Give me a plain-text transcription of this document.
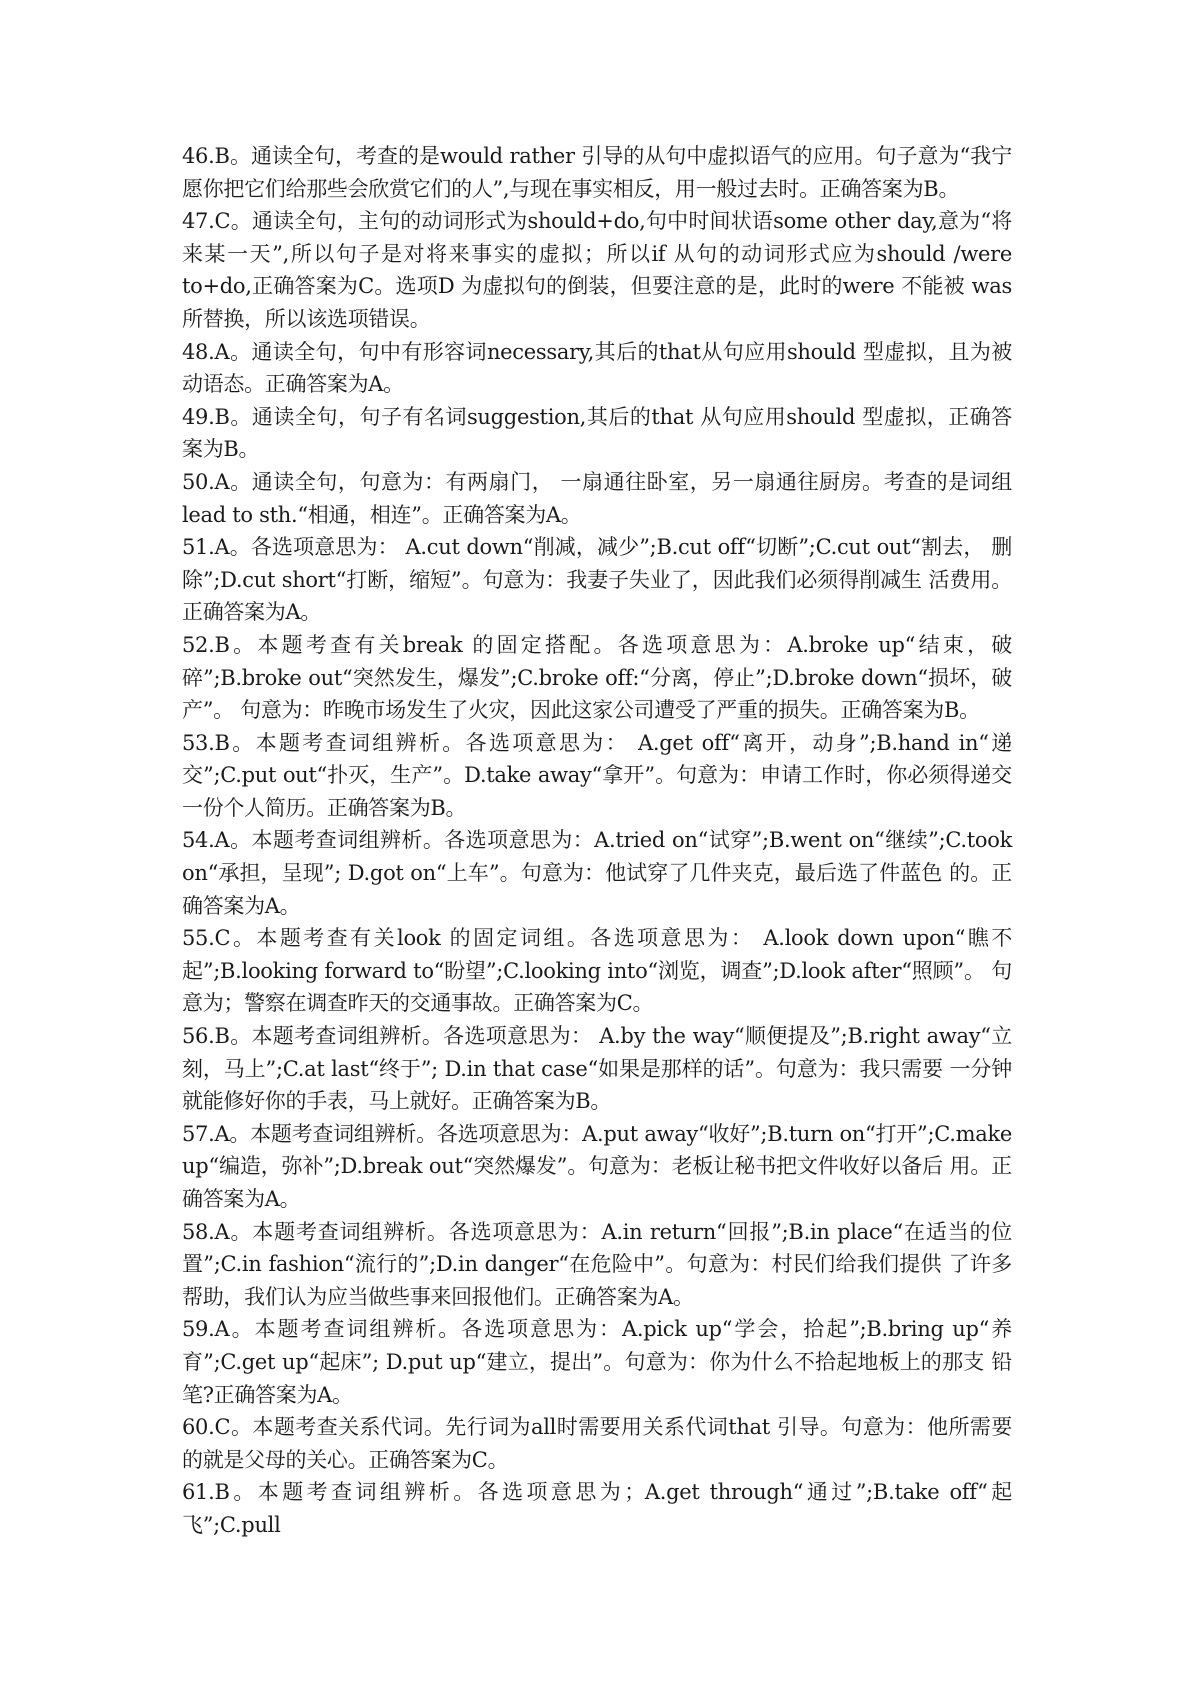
46.B。通读全句，考查的是would rather 引导的从句中虚拟语气的应用。句子意为“我宁 愿你把它们给那些会欣赏它们的人”,与现在事实相反，用一般过去时。正确答案为B。

47.C。通读全句，主句的动词形式为should+do,句中时间状语some other day,意为“将 来某一天”,所以句子是对将来事实的虚拟；所以if 从句的动词形式应为should /were to+do,正确答案为C。选项D 为虚拟句的倒装，但要注意的是，此时的were 不能被 was 所替换，所以该选项错误。

48.A。通读全句，句中有形容词necessary,其后的that从句应用should 型虚拟，且为被 动语态。正确答案为A。

49.B。通读全句，句子有名词suggestion,其后的that 从句应用should 型虚拟，正确答 案为B。

50.A。通读全句，句意为：有两扇门， 一扇通往卧室，另一扇通往厨房。考查的是词组 lead to sth.“相通，相连”。正确答案为A。

51.A。各选项意思为： A.cut down“削减，减少”;B.cut off“切断”;C.cut out“割去， 删除”;D.cut short“打断，缩短”。句意为：我妻子失业了，因此我们必须得削减生 活费用。正确答案为A。

52.B。本题考查有关break 的固定搭配。各选项意思为：A.broke up“结束，破碎”;B.broke out“突然发生，爆发”;C.broke off:“分离，停止”;D.broke down“损坏，破产”。 句意为：昨晚市场发生了火灾，因此这家公司遭受了严重的损失。正确答案为B。

53.B。本题考查词组辨析。各选项意思为： A.get off“离开，动身”;B.hand in“递交”;C.put out“扑灭，生产”。D.take away“拿开”。句意为：申请工作时，你必须得递交 一份个人简历。正确答案为B。

54.A。本题考查词组辨析。各选项意思为：A.tried on“试穿”;B.went on“继续”;C.took on“承担，呈现”; D.got on“上车”。句意为：他试穿了几件夹克，最后选了件蓝色 的。正确答案为A。

55.C。本题考查有关look 的固定词组。各选项意思为： A.look down upon“瞧不起”;B.looking forward to“盼望”;C.looking into“浏览，调查”;D.look after“照顾”。 句意为；警察在调查昨天的交通事故。正确答案为C。

56.B。本题考查词组辨析。各选项意思为： A.by the way“顺便提及”;B.right away“立 刻，马上”;C.at last“终于”; D.in that case“如果是那样的话”。句意为：我只需要 一分钟就能修好你的手表，马上就好。正确答案为B。

57.A。本题考查词组辨析。各选项意思为：A.put away“收好”;B.turn on“打开”;C.make up“编造，弥补”;D.break out“突然爆发”。句意为：老板让秘书把文件收好以备后 用。正确答案为A。

58.A。本题考查词组辨析。各选项意思为：A.in return“回报”;B.in place“在适当的位置”;C.in fashion“流行的”;D.in danger“在危险中”。句意为：村民们给我们提供 了许多帮助，我们认为应当做些事来回报他们。正确答案为A。

59.A。本题考查词组辨析。各选项意思为：A.pick up“学会，拾起”;B.bring up“养育”;C.get up“起床”; D.put up“建立，提出”。句意为：你为什么不拾起地板上的那支 铅笔?正确答案为A。

60.C。本题考查关系代词。先行词为all时需要用关系代词that 引导。句意为：他所需要 的就是父母的关心。正确答案为C。

61.B。本题考查词组辨析。各选项意思为；A.get through“通过”;B.take off“起飞”;C.pull
